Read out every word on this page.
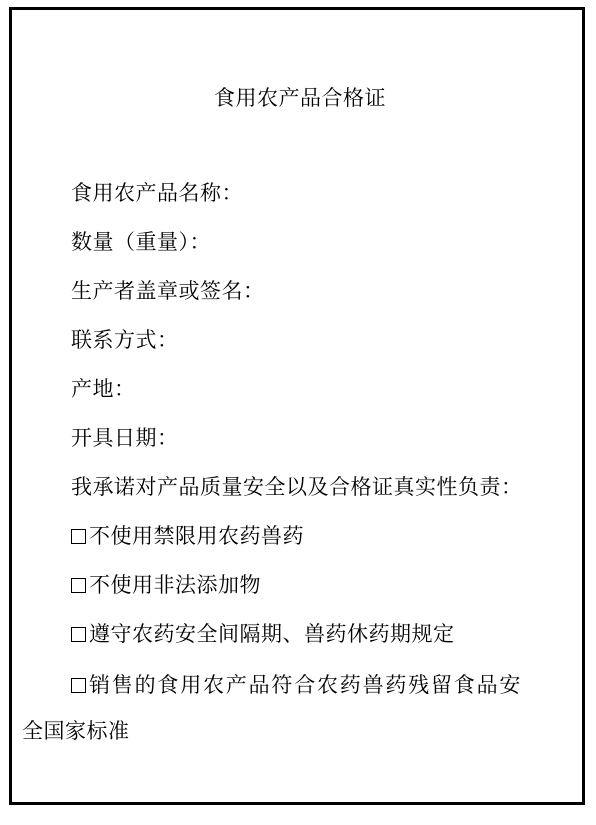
食用农产品合格证
食用农产品名称：
数量（重量）：
生产者盖章或签名：
联系方式：
产地：
开具日期：
我承诺对产品质量安全以及合格证真实性负责：
不使用禁限用农药兽药
不使用非法添加物
遵守农药安全间隔期、兽药休药期规定
销售的食用农产品符合农药兽药残留食品安
全国家标准
